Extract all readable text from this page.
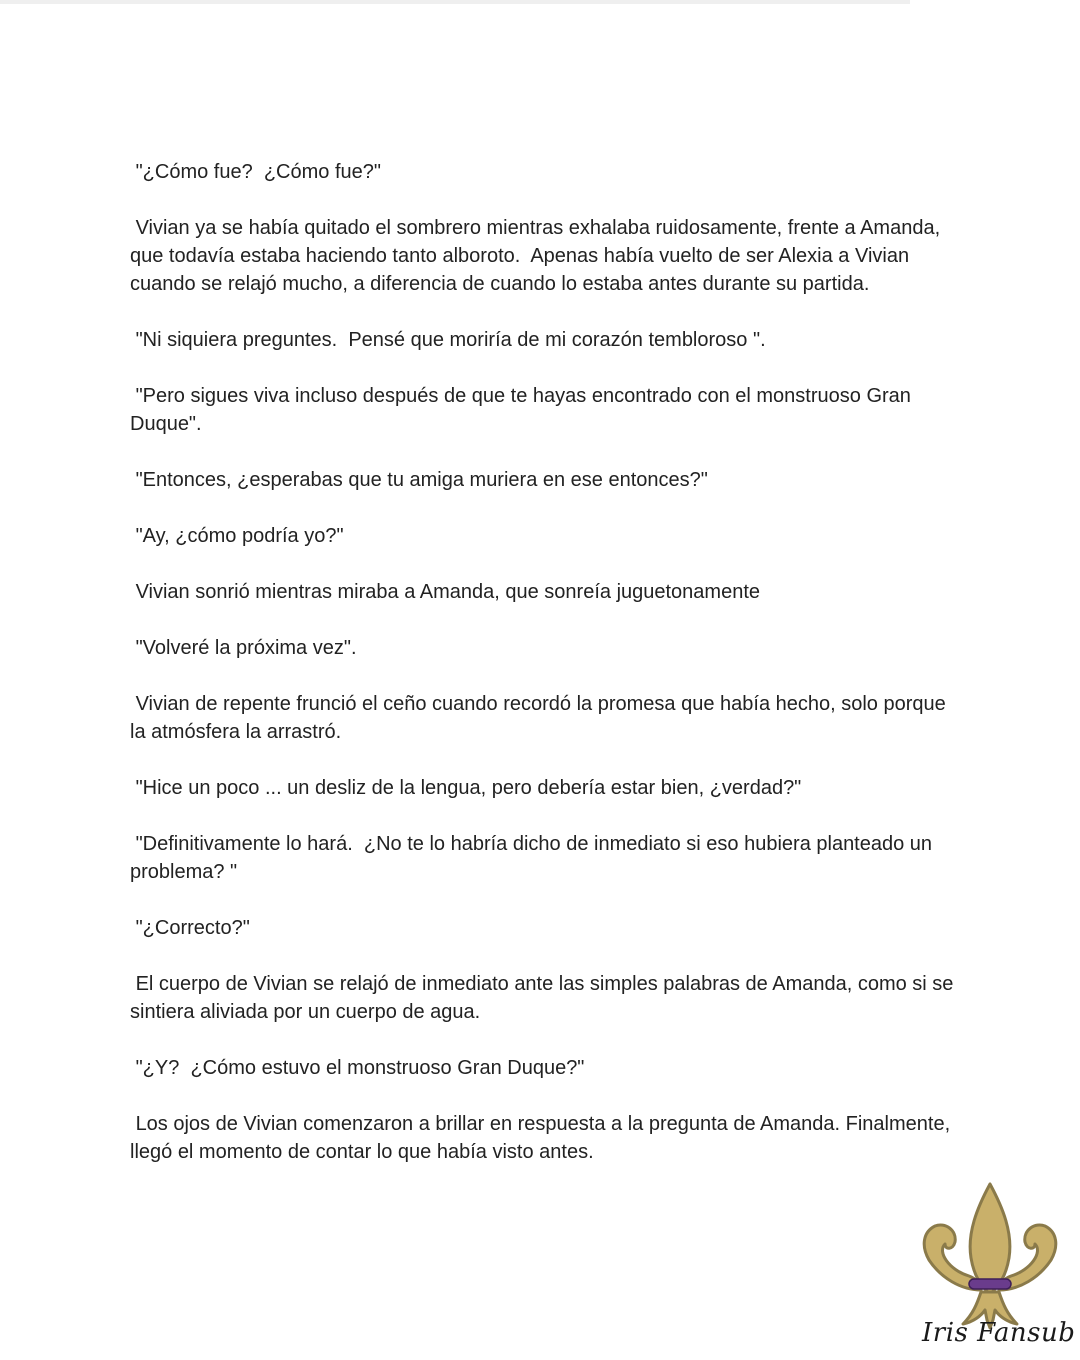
"¿Cómo fue?  ¿Cómo fue?"

Vivian ya se había quitado el sombrero mientras exhalaba ruidosamente, frente a Amanda, que todavía estaba haciendo tanto alboroto.  Apenas había vuelto de ser Alexia a Vivian cuando se relajó mucho, a diferencia de cuando lo estaba antes durante su partida.

"Ni siquiera preguntes.  Pensé que moriría de mi corazón tembloroso ".

"Pero sigues viva incluso después de que te hayas encontrado con el monstruoso Gran Duque".

"Entonces, ¿esperabas que tu amiga muriera en ese entonces?"

"Ay, ¿cómo podría yo?"

Vivian sonrió mientras miraba a Amanda, que sonreía juguetonamente

"Volveré la próxima vez".

Vivian de repente frunció el ceño cuando recordó la promesa que había hecho, solo porque la atmósfera la arrastró.

"Hice un poco ... un desliz de la lengua, pero debería estar bien, ¿verdad?"

"Definitivamente lo hará.  ¿No te lo habría dicho de inmediato si eso hubiera planteado un problema? "

"¿Correcto?"

El cuerpo de Vivian se relajó de inmediato ante las simples palabras de Amanda, como si se sintiera aliviada por un cuerpo de agua.

"¿Y?  ¿Cómo estuvo el monstruoso Gran Duque?"

Los ojos de Vivian comenzaron a brillar en respuesta a la pregunta de Amanda. Finalmente, llegó el momento de contar lo que había visto antes.

Iris Fansub
